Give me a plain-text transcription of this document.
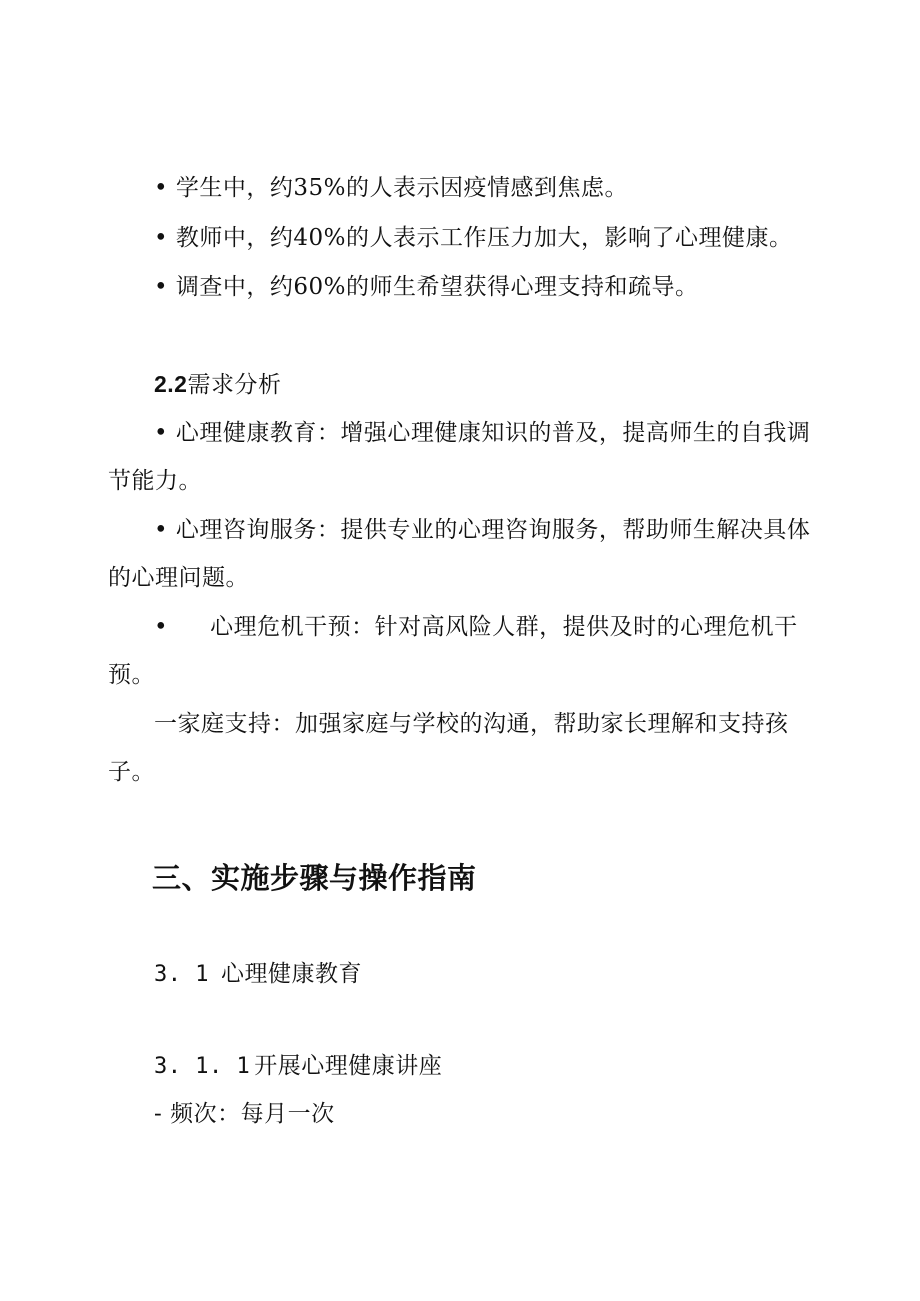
• 学生中，约35%的人表示因疫情感到焦虑。
• 教师中，约40%的人表示工作压力加大，影响了心理健康。
• 调查中，约60%的师生希望获得心理支持和疏导。
2.2需求分析
• 心理健康教育：增强心理健康知识的普及，提高师生的自我调
节能力。
• 心理咨询服务：提供专业的心理咨询服务，帮助师生解决具体
的心理问题。
• 心理危机干预：针对高风险人群，提供及时的心理危机干
预。
一家庭支持：加强家庭与学校的沟通，帮助家长理解和支持孩
子。
三、实施步骤与操作指南
3. 1 心理健康教育
3. 1. 1 开展心理健康讲座
- 频次：每月一次
